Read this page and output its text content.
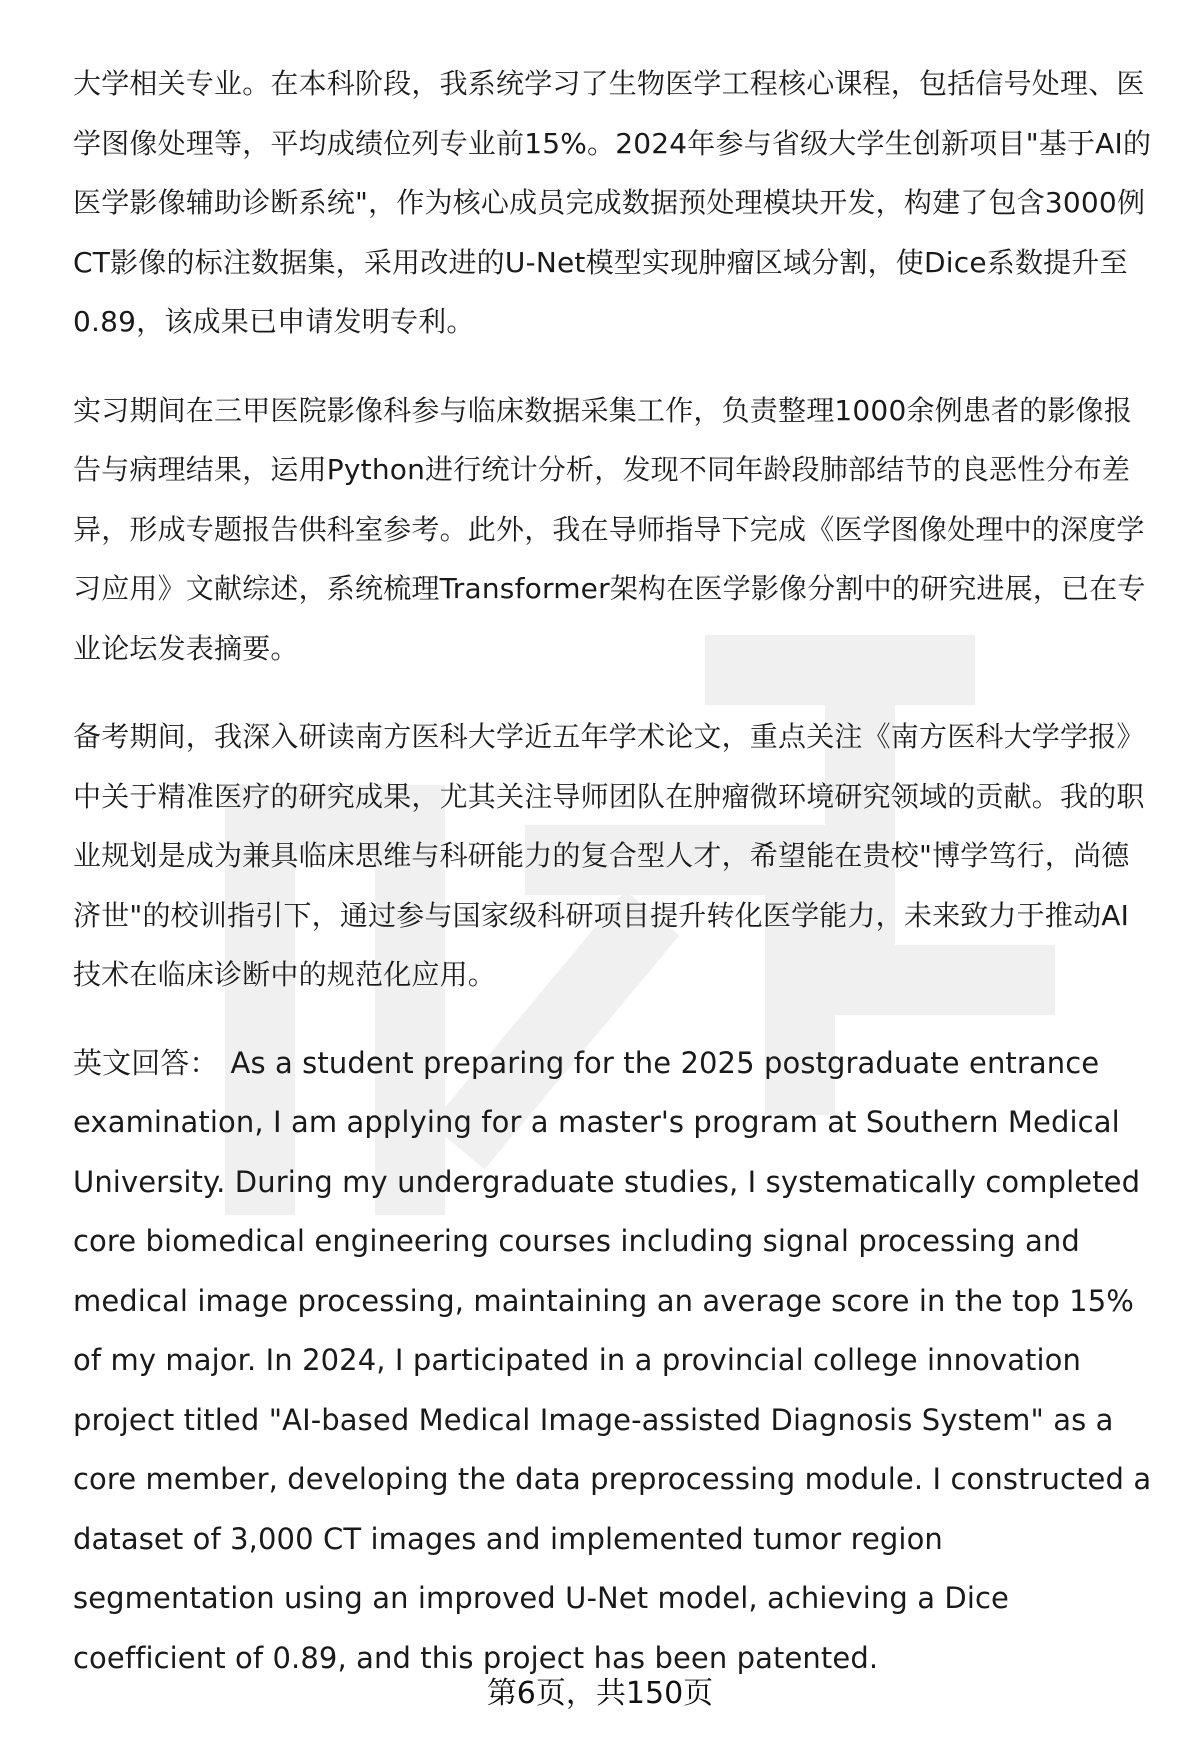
大学相关专业。在本科阶段，我系统学习了生物医学工程核心课程，包括信号处理、医学图像处理等，平均成绩位列专业前15%。2024年参与省级大学生创新项目"基于AI的医学影像辅助诊断系统"，作为核心成员完成数据预处理模块开发，构建了包含3000例CT影像的标注数据集，采用改进的U-Net模型实现肿瘤区域分割，使Dice系数提升至0.89，该成果已申请发明专利。

实习期间在三甲医院影像科参与临床数据采集工作，负责整理1000余例患者的影像报告与病理结果，运用Python进行统计分析，发现不同年龄段肺部结节的良恶性分布差异，形成专题报告供科室参考。此外，我在导师指导下完成《医学图像处理中的深度学习应用》文献综述，系统梳理Transformer架构在医学影像分割中的研究进展，已在专业论坛发表摘要。

备考期间，我深入研读南方医科大学近五年学术论文，重点关注《南方医科大学学报》中关于精准医疗的研究成果，尤其关注导师团队在肿瘤微环境研究领域的贡献。我的职业规划是成为兼具临床思维与科研能力的复合型人才，希望能在贵校"博学笃行，尚德济世"的校训指引下，通过参与国家级科研项目提升转化医学能力，未来致力于推动AI技术在临床诊断中的规范化应用。

英文回答： As a student preparing for the 2025 postgraduate entrance examination, I am applying for a master's program at Southern Medical University. During my undergraduate studies, I systematically completed core biomedical engineering courses including signal processing and medical image processing, maintaining an average score in the top 15% of my major. In 2024, I participated in a provincial college innovation project titled "AI-based Medical Image-assisted Diagnosis System" as a core member, developing the data preprocessing module. I constructed a dataset of 3,000 CT images and implemented tumor region segmentation using an improved U-Net model, achieving a Dice coefficient of 0.89, and this project has been patented.

第6页，共150页
